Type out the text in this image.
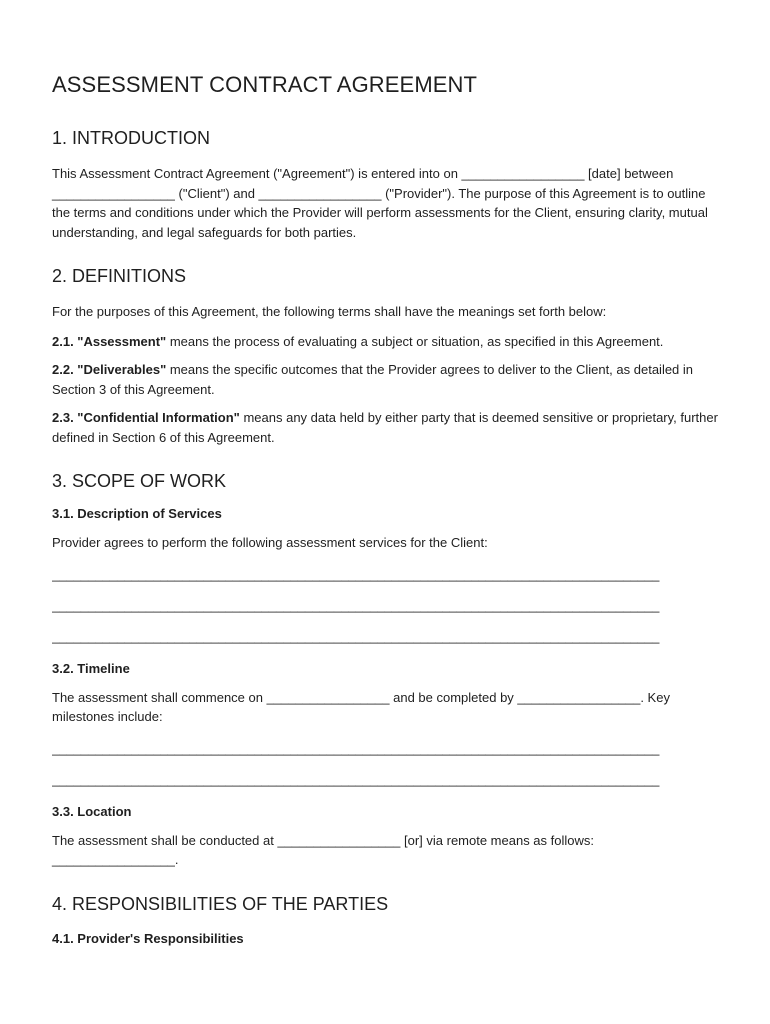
ASSESSMENT CONTRACT AGREEMENT
1. INTRODUCTION

This Assessment Contract Agreement ("Agreement") is entered into on _________________ [date] between _________________ ("Client") and _________________ ("Provider"). The purpose of this Agreement is to outline the terms and conditions under which the Provider will perform assessments for the Client, ensuring clarity, mutual understanding, and legal safeguards for both parties.

2. DEFINITIONS

For the purposes of this Agreement, the following terms shall have the meanings set forth below:

2.1. "Assessment" means the process of evaluating a subject or situation, as specified in this Agreement.

2.2. "Deliverables" means the specific outcomes that the Provider agrees to deliver to the Client, as detailed in Section 3 of this Agreement.

2.3. "Confidential Information" means any data held by either party that is deemed sensitive or proprietary, further defined in Section 6 of this Agreement.

3. SCOPE OF WORK
3.1. Description of Services

Provider agrees to perform the following assessment services for the Client:

____________________________________________________________________________________
____________________________________________________________________________________
____________________________________________________________________________________
3.2. Timeline

The assessment shall commence on _________________ and be completed by _________________. Key milestones include:

____________________________________________________________________________________
____________________________________________________________________________________
3.3. Location

The assessment shall be conducted at _________________ [or] via remote means as follows: _________________.

4. RESPONSIBILITIES OF THE PARTIES
4.1. Provider's Responsibilities
